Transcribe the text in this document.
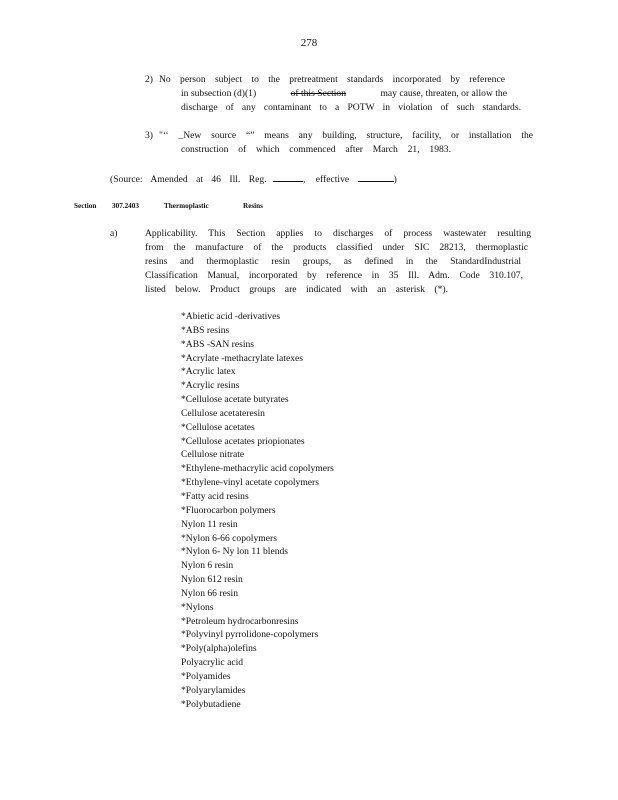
278
2) No person subject to the pretreatment standards incorporated by reference
in subsection (d)(1)	of this Section	may cause, threaten, or allow the
discharge of any contaminant to a POTW in violation of such standards.
3) "‘‘ _New source “” means any building, structure, facility, or installation the
construction of which commenced after March 21, 1983.
(Source: Amended at 46 Ill. Reg.	, effective	)
Section 307.2403	Thermoplastic	Resins
a)	Applicability. This Section applies to discharges of process wastewater resulting
from the manufacture of the products classified under SIC 28213, thermoplastic
resins and thermoplastic resin groups, as defined in the StandardIndustrial
Classification Manual, incorporated by reference in 35 Ill. Adm. Code 310.107,
listed below. Product groups are indicated with an asterisk (*).
*Abietic acid -derivatives
*ABS resins
*ABS -SAN resins
*Acrylate -methacrylate latexes
*Acrylic latex
*Acrylic resins
*Cellulose acetate butyrates
Cellulose acetateresin
*Cellulose acetates
*Cellulose acetates priopionates
Cellulose nitrate
*Ethylene-methacrylic acid copolymers
*Ethylene-vinyl acetate copolymers
*Fatty acid resins
*Fluorocarbon polymers
Nylon 11 resin
*Nylon 6-66 copolymers
*Nylon 6- Ny lon 11 blends
Nylon 6 resin
Nylon 612 resin
Nylon 66 resin
*Nylons
*Petroleum hydrocarbonresins
*Polyvinyl pyrrolidone-copolymers
*Poly(alpha)olefins
Polyacrylic acid
*Polyamides
*Polyarylamides
*Polybutadiene
